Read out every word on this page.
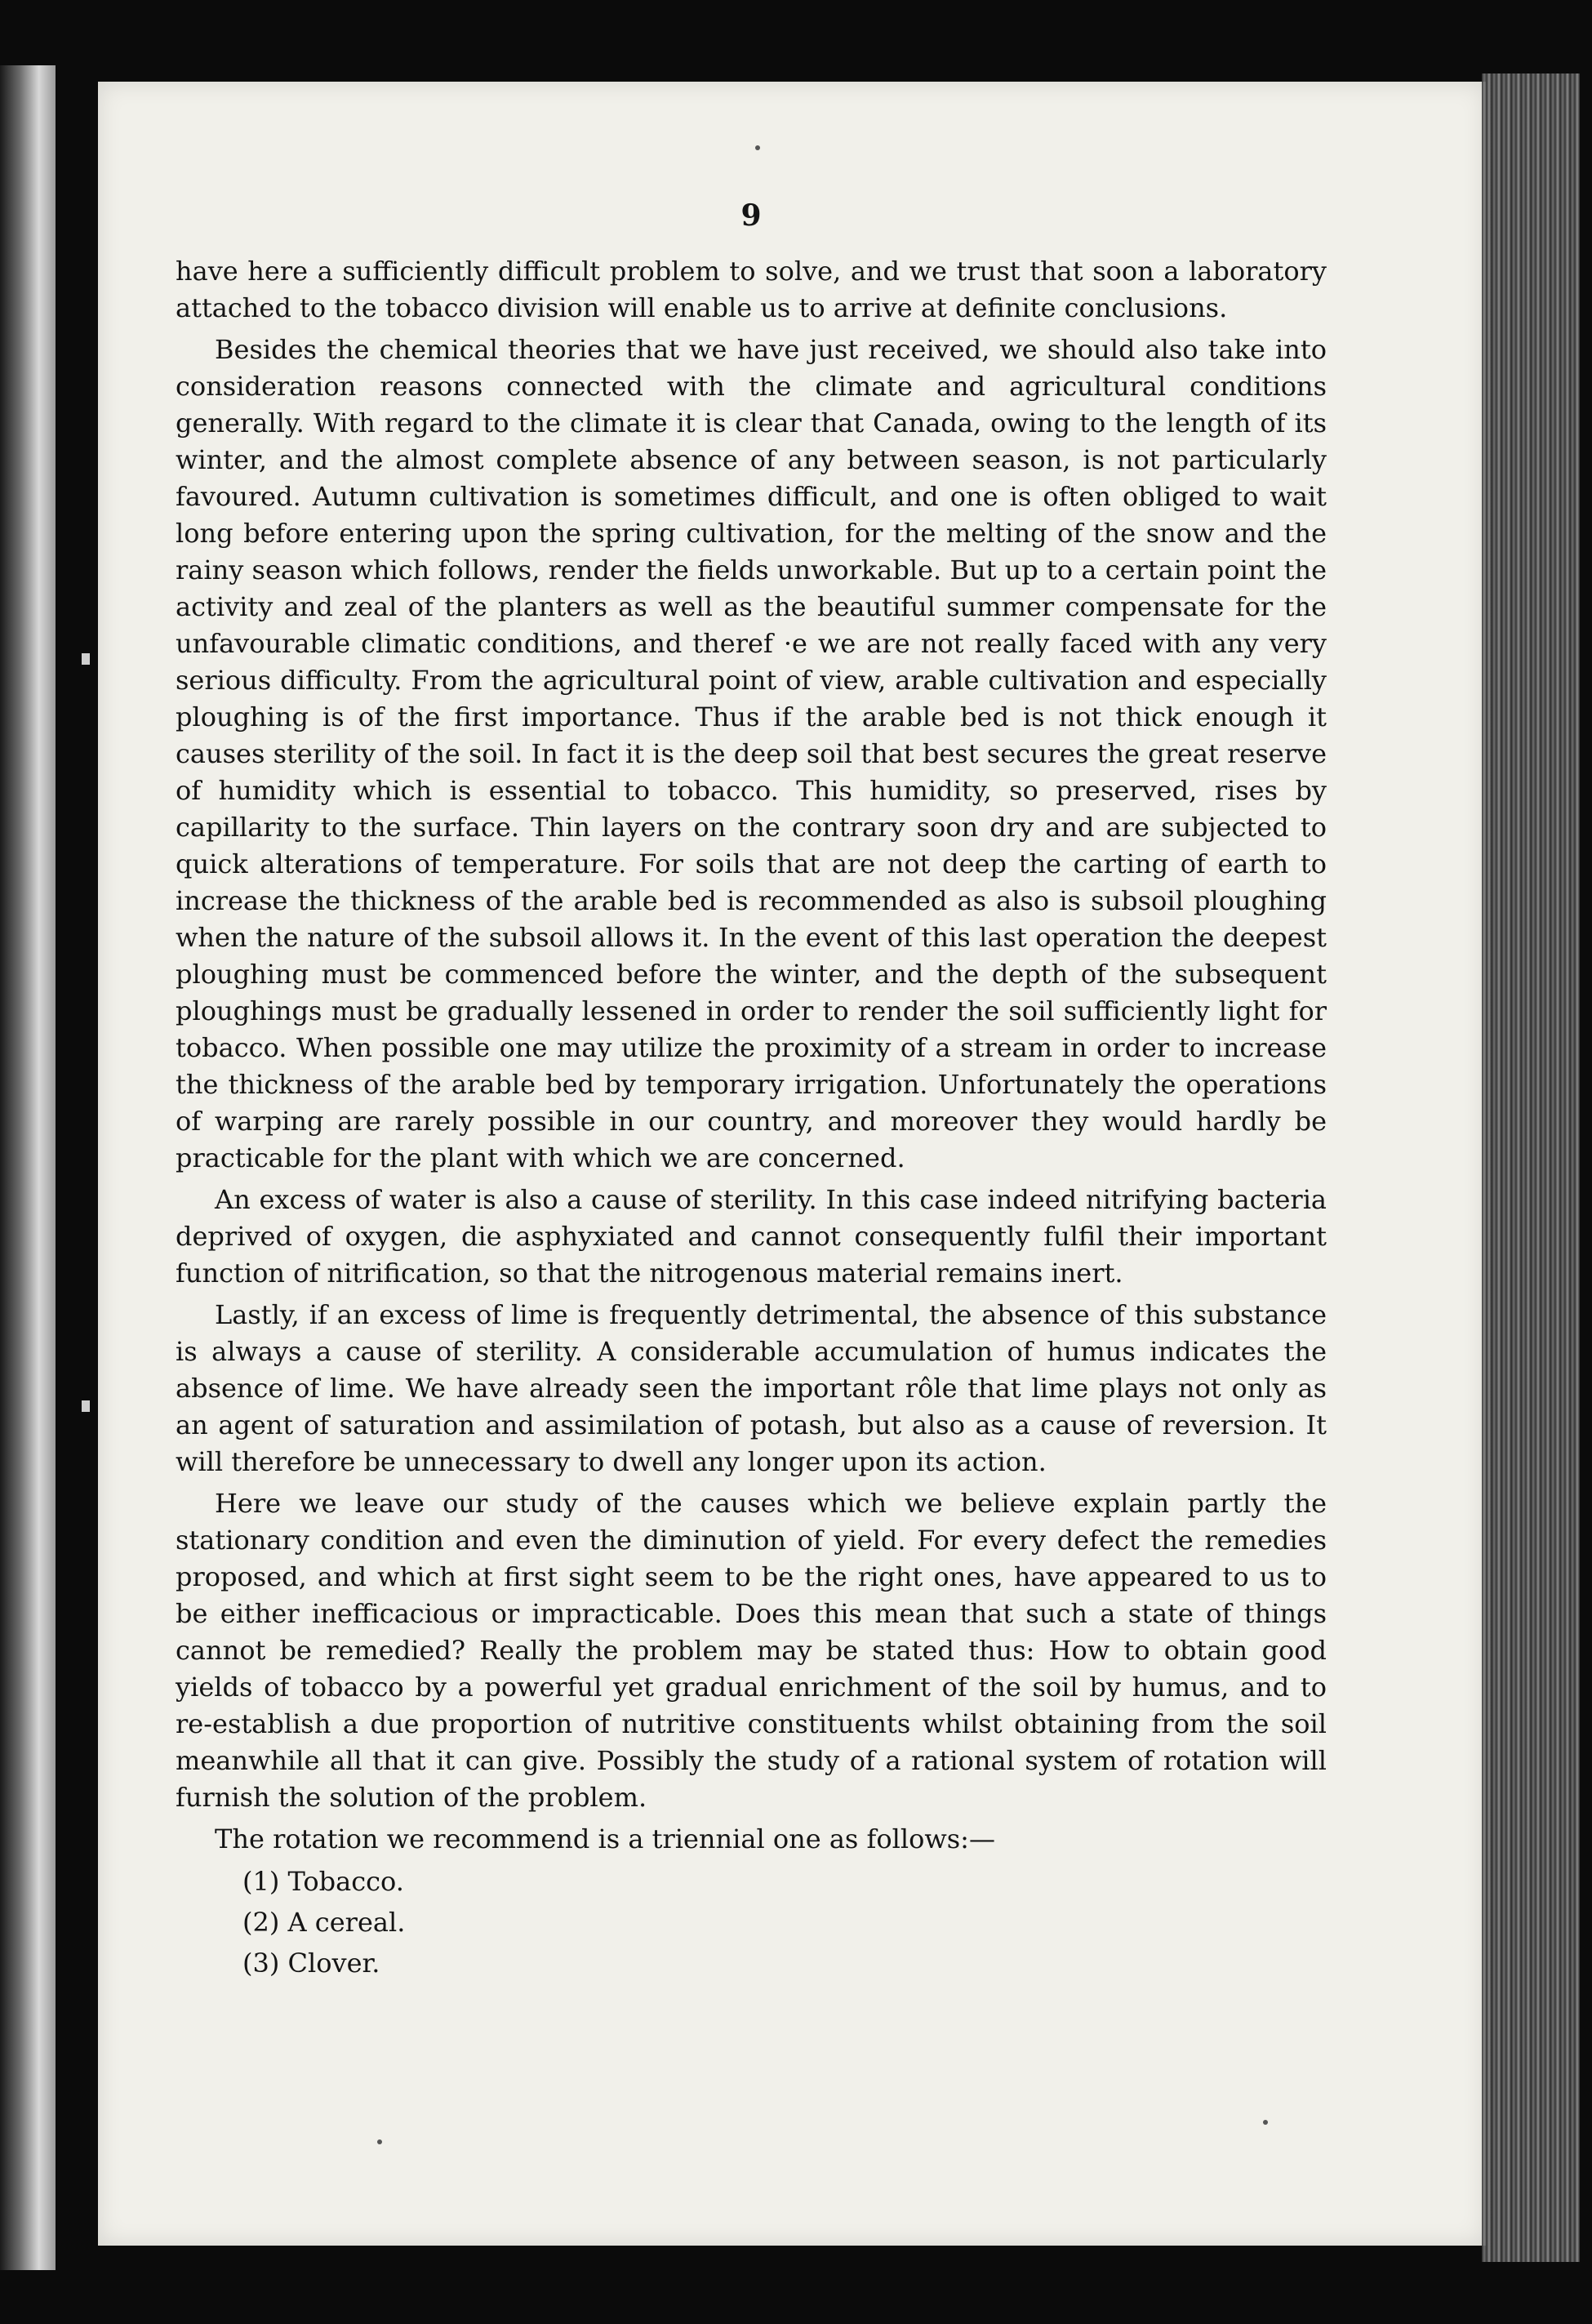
9

have here a sufficiently difficult problem to solve, and we trust that soon a laboratory attached to the tobacco division will enable us to arrive at definite conclusions.

Besides the chemical theories that we have just received, we should also take into consideration reasons connected with the climate and agricultural conditions generally. With regard to the climate it is clear that Canada, owing to the length of its winter, and the almost complete absence of any between season, is not particularly favoured. Autumn cultivation is sometimes difficult, and one is often obliged to wait long before entering upon the spring cultivation, for the melting of the snow and the rainy season which follows, render the fields unworkable. But up to a certain point the activity and zeal of the planters as well as the beautiful summer compensate for the unfavourable climatic conditions, and theref ·e we are not really faced with any very serious difficulty. From the agricultural point of view, arable cultivation and especially ploughing is of the first importance. Thus if the arable bed is not thick enough it causes sterility of the soil. In fact it is the deep soil that best secures the great reserve of humidity which is essential to tobacco. This humidity, so preserved, rises by capillarity to the surface. Thin layers on the contrary soon dry and are subjected to quick alterations of temperature. For soils that are not deep the carting of earth to increase the thickness of the arable bed is recommended as also is subsoil ploughing when the nature of the subsoil allows it. In the event of this last operation the deepest ploughing must be commenced before the winter, and the depth of the subsequent ploughings must be gradually lessened in order to render the soil sufficiently light for tobacco. When possible one may utilize the proximity of a stream in order to increase the thickness of the arable bed by temporary irrigation. Unfortunately the operations of warping are rarely possible in our country, and moreover they would hardly be practicable for the plant with which we are concerned.

An excess of water is also a cause of sterility. In this case indeed nitrifying bacteria deprived of oxygen, die asphyxiated and cannot consequently fulfil their important function of nitrification, so that the nitrogenous material remains inert.

Lastly, if an excess of lime is frequently detrimental, the absence of this substance is always a cause of sterility. A considerable accumulation of humus indicates the absence of lime. We have already seen the important rôle that lime plays not only as an agent of saturation and assimilation of potash, but also as a cause of reversion. It will therefore be unnecessary to dwell any longer upon its action.

Here we leave our study of the causes which we believe explain partly the stationary condition and even the diminution of yield. For every defect the remedies proposed, and which at first sight seem to be the right ones, have appeared to us to be either inefficacious or impracticable. Does this mean that such a state of things cannot be remedied? Really the problem may be stated thus: How to obtain good yields of tobacco by a powerful yet gradual enrichment of the soil by humus, and to re-establish a due proportion of nutritive constituents whilst obtaining from the soil meanwhile all that it can give. Possibly the study of a rational system of rotation will furnish the solution of the problem.

The rotation we recommend is a triennial one as follows:—

(1) Tobacco.
(2) A cereal.
(3) Clover.
